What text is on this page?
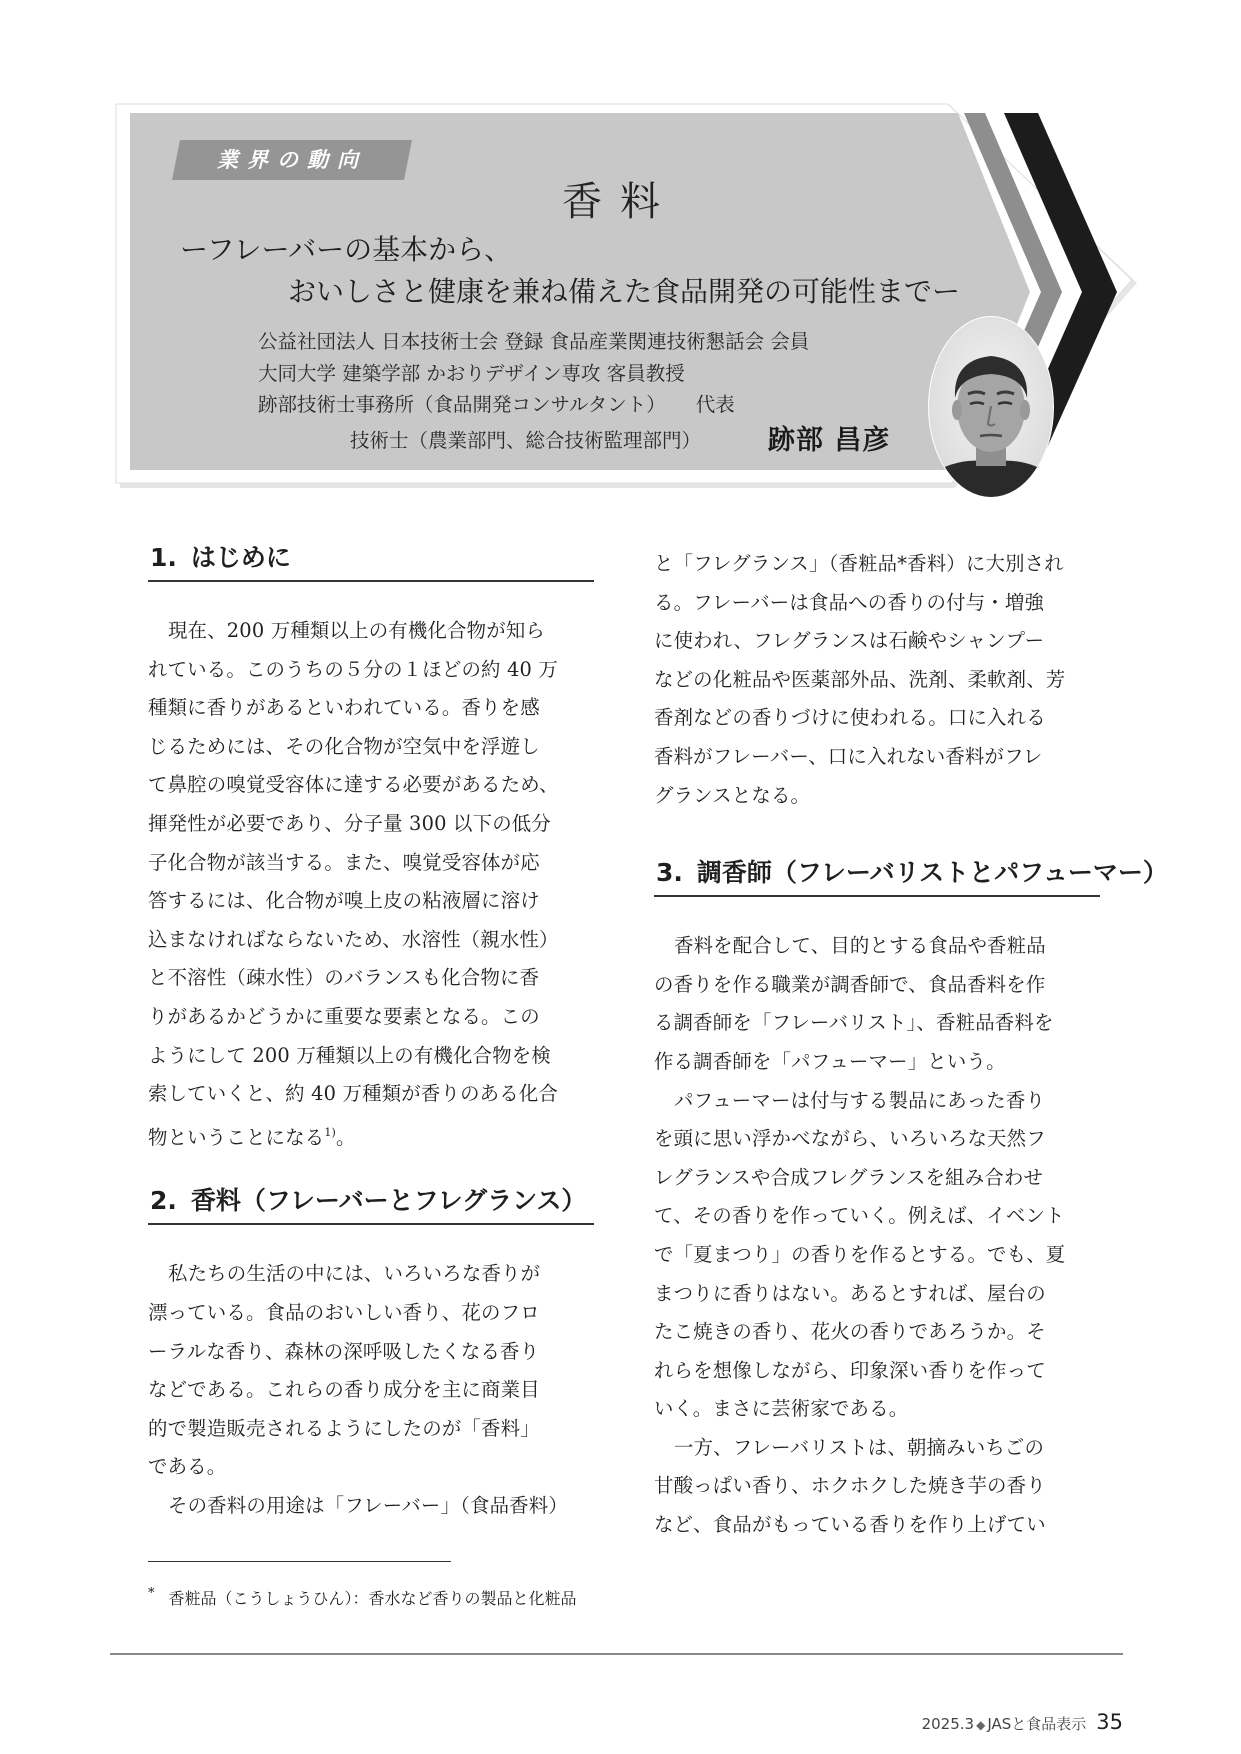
業界の動向
香料
ーフレーバーの基本から、
おいしさと健康を兼ね備えた食品開発の可能性までー
公益社団法人 日本技術士会 登録 食品産業関連技術懇話会 会員
大同大学 建築学部 かおりデザイン専攻 客員教授
跡部技術士事務所（食品開発コンサルタント） 代表
技術士（農業部門、総合技術監理部門） 跡部 昌彦
1. はじめに
現在、200 万種類以上の有機化合物が知ら
れている。このうちの５分の１ほどの約 40 万
種類に香りがあるといわれている。香りを感
じるためには、その化合物が空気中を浮遊し
て鼻腔の嗅覚受容体に達する必要があるため、
揮発性が必要であり、分子量 300 以下の低分
子化合物が該当する。また、嗅覚受容体が応
答するには、化合物が嗅上皮の粘液層に溶け
込まなければならないため、水溶性（親水性）
と不溶性（疎水性）のバランスも化合物に香
りがあるかどうかに重要な要素となる。この
ようにして 200 万種類以上の有機化合物を検
索していくと、約 40 万種類が香りのある化合
物ということになる$^{1)}$。
2. 香料（フレーバーとフレグランス）
私たちの生活の中には、いろいろな香りが
漂っている。食品のおいしい香り、花のフロ
ーラルな香り、森林の深呼吸したくなる香り
などである。これらの香り成分を主に商業目
的で製造販売されるようにしたのが「香料」
である。
その香料の用途は「フレーバー」（食品香料）
と「フレグランス」（香粧品*香料）に大別され
る。フレーバーは食品への香りの付与・増強
に使われ、フレグランスは石鹸やシャンプー
などの化粧品や医薬部外品、洗剤、柔軟剤、芳
香剤などの香りづけに使われる。口に入れる
香料がフレーバー、口に入れない香料がフレ
グランスとなる。
3. 調香師（フレーバリストとパフューマー）
香料を配合して、目的とする食品や香粧品
の香りを作る職業が調香師で、食品香料を作
る調香師を「フレーバリスト」、香粧品香料を
作る調香師を「パフューマー」という。
パフューマーは付与する製品にあった香り
を頭に思い浮かべながら、いろいろな天然フ
レグランスや合成フレグランスを組み合わせ
て、その香りを作っていく。例えば、イベント
で「夏まつり」の香りを作るとする。でも、夏
まつりに香りはない。あるとすれば、屋台の
たこ焼きの香り、花火の香りであろうか。そ
れらを想像しながら、印象深い香りを作って
いく。まさに芸術家である。
一方、フレーバリストは、朝摘みいちごの
甘酸っぱい香り、ホクホクした焼き芋の香り
など、食品がもっている香りを作り上げてい
* 香粧品（こうしょうひん）：香水など香りの製品と化粧品
2025.3 ◆ JASと食品表示 35
